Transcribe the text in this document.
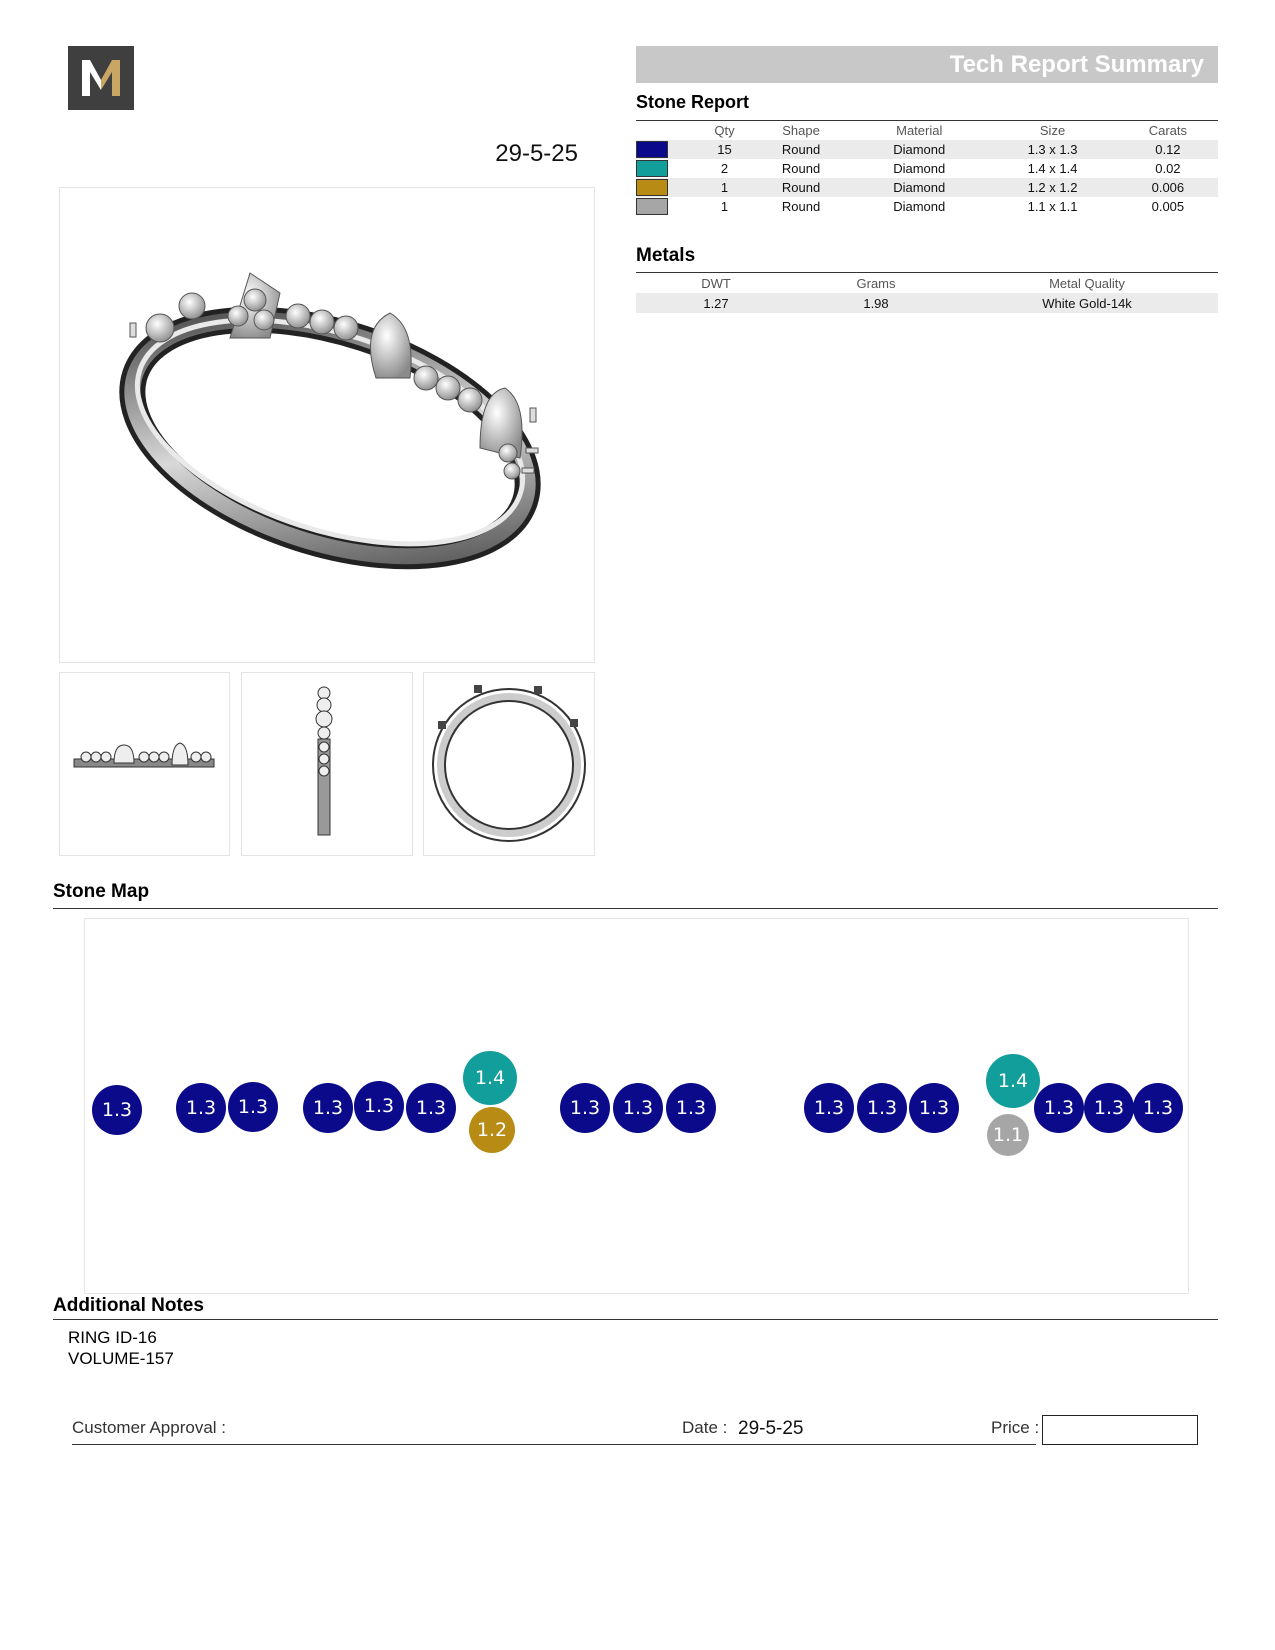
29-5-25
Tech Report Summary
Stone Report
	Qty	Shape	Material	Size	Carats

	15	Round	Diamond	1.3 x 1.3	0.12

	2	Round	Diamond	1.4 x 1.4	0.02

	1	Round	Diamond	1.2 x 1.2	0.006

	1	Round	Diamond	1.1 x 1.1	0.005
Metals
DWT	Grams	Metal Quality
1.27	1.98	White Gold-14k
Stone Map
1.3	1.3 1.3 1.3 1.3 1.3
1.4
1.2
1.3 1.3 1.3	1.3 1.3 1.3
1.4
1.1
1.3 1.3 1.3
Additional Notes
RING ID-16
VOLUME-157
Customer Approval :	Date : 29-5-25	Price :
